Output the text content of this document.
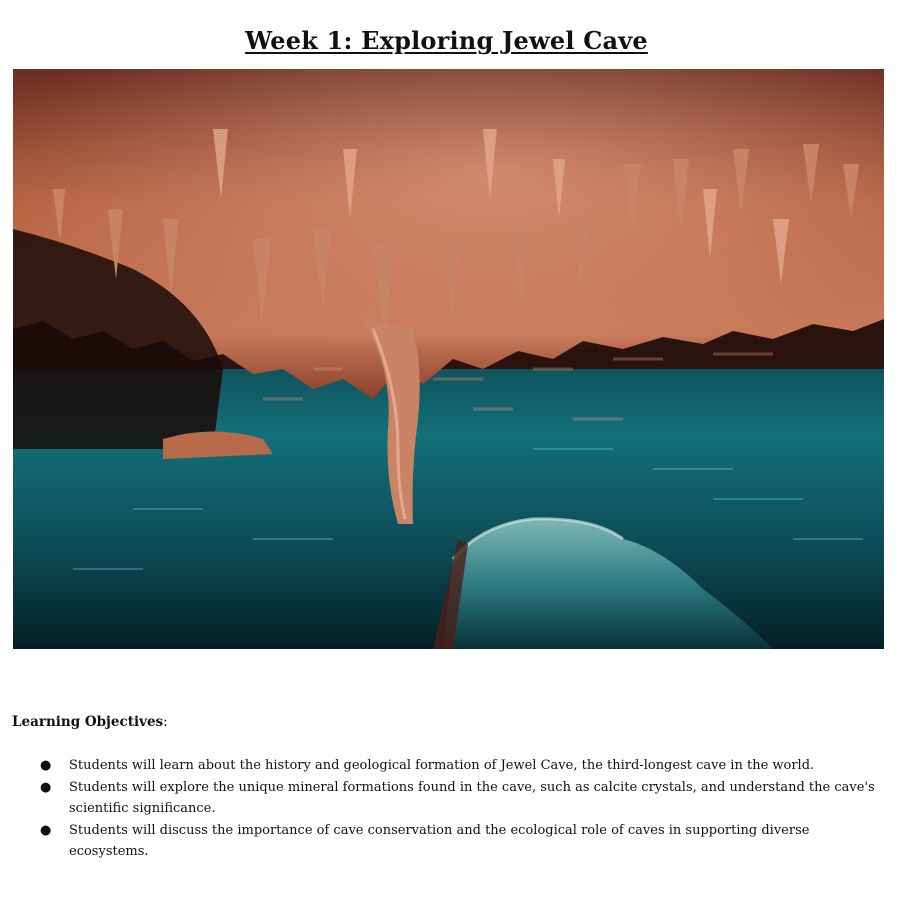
Week 1: Exploring Jewel Cave

Learning Objectives:

● Students will learn about the history and geological formation of Jewel Cave, the third-longest cave in the world.
● Students will explore the unique mineral formations found in the cave, such as calcite crystals, and understand the cave's scientific significance.
● Students will discuss the importance of cave conservation and the ecological role of caves in supporting diverse ecosystems.
